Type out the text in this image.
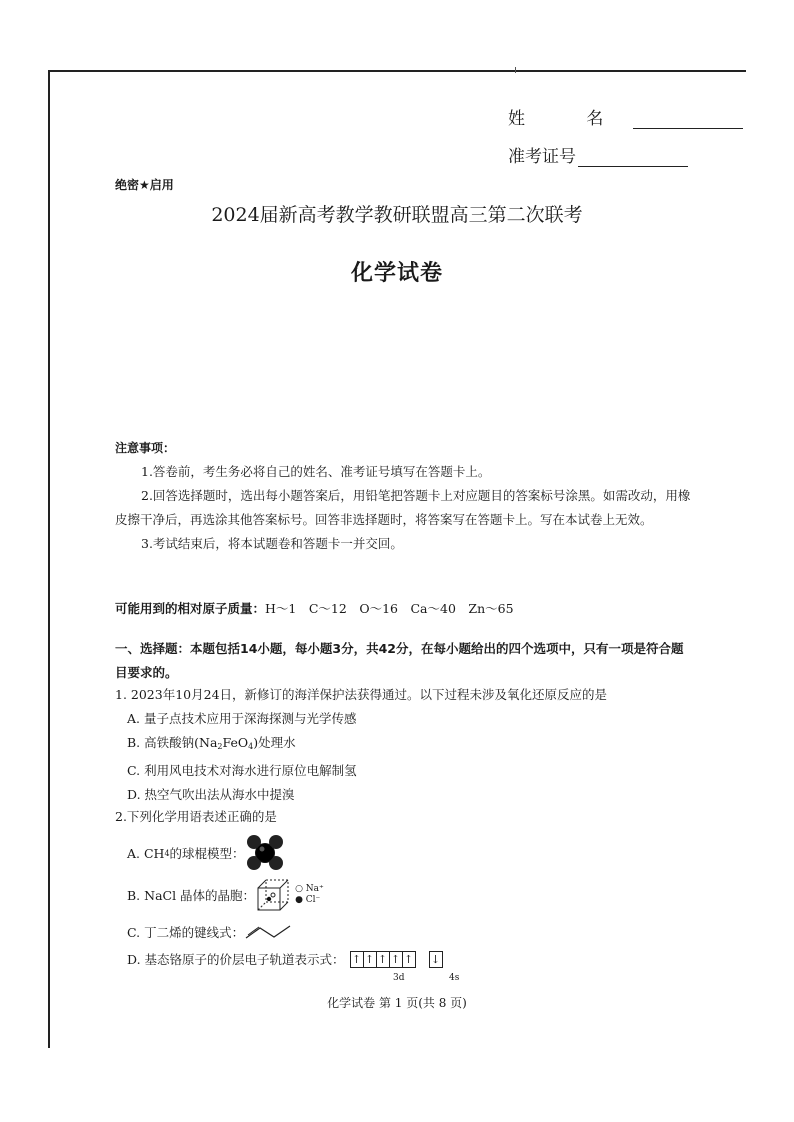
姓 名
准考证号
绝密★启用
2024届新高考教学教研联盟高三第二次联考
化学试卷
注意事项：
1.答卷前，考生务必将自己的姓名、准考证号填写在答题卡上。
2.回答选择题时，选出每小题答案后，用铅笔把答题卡上对应题目的答案标号涂黑。如需改动，用橡皮擦干净后，再选涂其他答案标号。回答非选择题时，将答案写在答题卡上。写在本试卷上无效。
3.考试结束后，将本试题卷和答题卡一并交回。
可能用到的相对原子质量：H～1　C～12　O～16　Ca～40　Zn～65
一、选择题：本题包括14小题，每小题3分，共42分，在每小题给出的四个选项中，只有一项是符合题目要求的。
1. 2023年10月24日，新修订的海洋保护法获得通过。以下过程未涉及氧化还原反应的是
A. 量子点技术应用于深海探测与光学传感
B. 高铁酸钠$(Na_2FeO_4)$处理水
C. 利用风电技术对海水进行原位电解制氢
D. 热空气吹出法从海水中提溴
2.下列化学用语表述正确的是
A. CH 4 的球棍模型：
B. NaCl 晶体的晶胞：	○ Na⁺
● Cl⁻
C. 丁二烯的键线式：
D. 基态铬原子的价层电子轨道表示式： ↑ ↑ ↑ ↑ ↑ ↓
3d	4s
化学试卷 第 1 页(共 8 页)
